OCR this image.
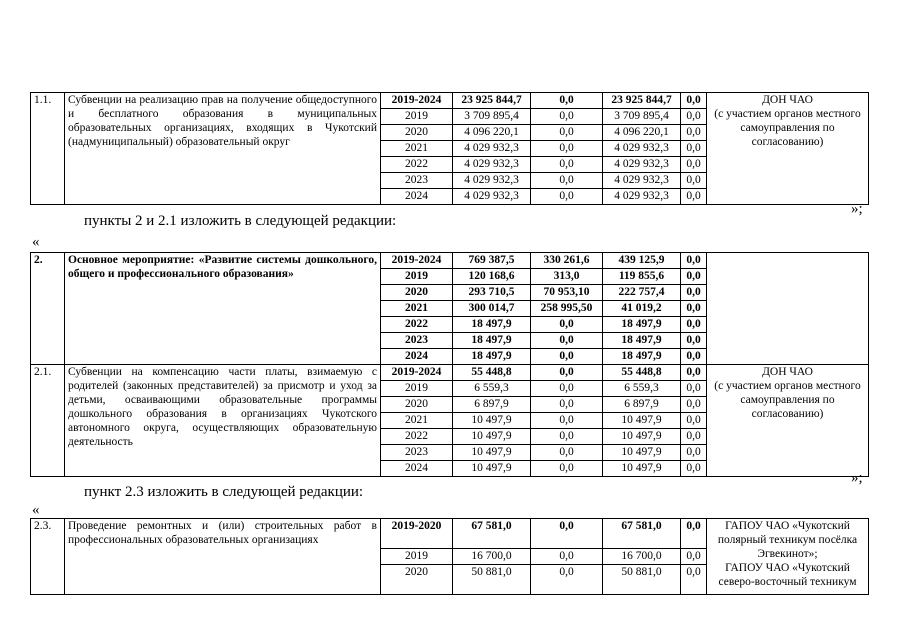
1.1.	Субвенции на реализацию прав на получение общедоступного и бесплатного образования в муниципальных образовательных организациях, входящих в Чукотский (надмуниципальный) образовательный округ	2019-2024	23 925 844,7	0,0	23 925 844,7	0,0	ДОН ЧАО
(с участием органов местного самоуправления по согласованию)
		2019	3 709 895,4	0,0	3 709 895,4	0,0	
		2020	4 096 220,1	0,0	4 096 220,1	0,0	
		2021	4 029 932,3	0,0	4 029 932,3	0,0	
		2022	4 029 932,3	0,0	4 029 932,3	0,0	
		2023	4 029 932,3	0,0	4 029 932,3	0,0	
		2024	4 029 932,3	0,0	4 029 932,3	0,0	
»;
пункты 2 и 2.1 изложить в следующей редакции:
«
2.	Основное мероприятие: «Развитие системы дошкольного, общего и профессионального образования»	2019-2024	769 387,5	330 261,6	439 125,9	0,0	
		2019	120 168,6	313,0	119 855,6	0,0	
		2020	293 710,5	70 953,10	222 757,4	0,0	
		2021	300 014,7	258 995,50	41 019,2	0,0	
		2022	18 497,9	0,0	18 497,9	0,0	
		2023	18 497,9	0,0	18 497,9	0,0	
		2024	18 497,9	0,0	18 497,9	0,0	
2.1.	Субвенции на компенсацию части платы, взимаемую с родителей (законных представителей) за присмотр и уход за детьми, осваивающими образовательные программы дошкольного образования в организациях Чукотского автономного округа, осуществляющих образовательную деятельность	2019-2024	55 448,8	0,0	55 448,8	0,0	ДОН ЧАО
(с участием органов местного самоуправления по согласованию)
		2019	6 559,3	0,0	6 559,3	0,0	
		2020	6 897,9	0,0	6 897,9	0,0	
		2021	10 497,9	0,0	10 497,9	0,0	
		2022	10 497,9	0,0	10 497,9	0,0	
		2023	10 497,9	0,0	10 497,9	0,0	
		2024	10 497,9	0,0	10 497,9	0,0	
»;
пункт 2.3 изложить в следующей редакции:
«
2.3.	Проведение ремонтных и (или) строительных работ в профессиональных образовательных организациях	2019-2020	67 581,0	0,0	67 581,0	0,0	ГАПОУ ЧАО «Чукотский полярный техникум посёлка Эгвекинот»;
ГАПОУ ЧАО «Чукотский северо-восточный техникум
		2019	16 700,0	0,0	16 700,0	0,0	
		2020	50 881,0	0,0	50 881,0	0,0	
